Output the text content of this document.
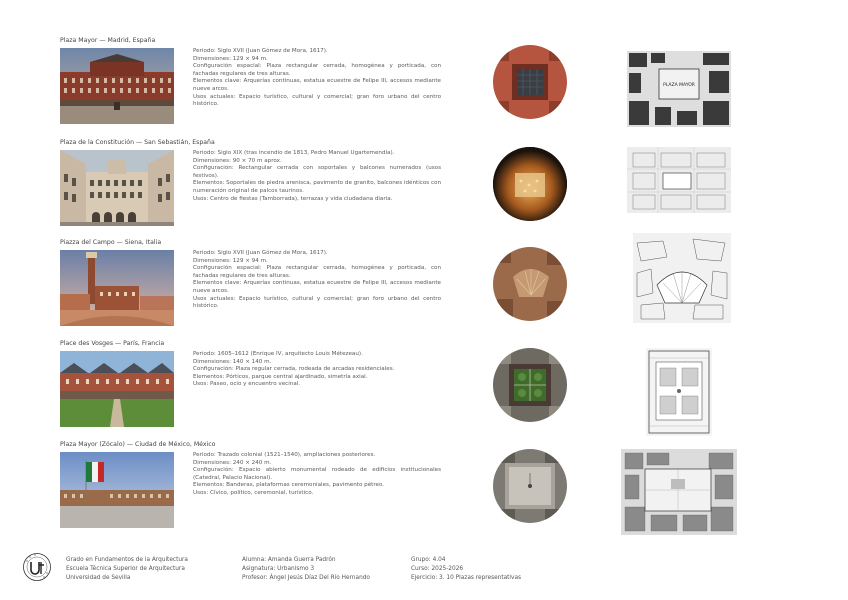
Plaza Mayor — Madrid, España
Periodo: Siglo XVII (Juan Gómez de Mora, 1617).
Dimensiones: 129 × 94 m.
Configuración espacial: Plaza rectangular cerrada, homogénea y porticada, con fachadas regulares de tres alturas.
Elementos clave: Arquerías continuas, estatua ecuestre de Felipe III, accesos mediante nueve arcos.
Usos actuales: Espacio turístico, cultural y comercial; gran foro urbano del centro histórico.
PLAZA MAYOR
Plaza de la Constitución — San Sebastián, España
Periodo: Siglo XIX (tras incendio de 1813, Pedro Manuel Ugartemendía).
Dimensiones: 90 × 70 m aprox.
Configuración: Rectangular cerrada con soportales y balcones numerados (usos festivos).
Elementos: Soportales de piedra arenisca, pavimento de granito, balcones idénticos con numeración original de palcos taurinos.
Usos: Centro de fiestas (Tamborrada), terrazas y vida ciudadana diaria.
Piazza del Campo — Siena, Italia
Periodo: Siglo XVII (Juan Gómez de Mora, 1617).
Dimensiones: 129 × 94 m.
Configuración espacial: Plaza rectangular cerrada, homogénea y porticada, con fachadas regulares de tres alturas.
Elementos clave: Arquerías continuas, estatua ecuestre de Felipe III, accesos mediante nueve arcos.
Usos actuales: Espacio turístico, cultural y comercial; gran foro urbano del centro histórico.
Place des Vosges — París, Francia
Periodo: 1605–1612 (Enrique IV, arquitecto Louis Métezeau).
Dimensiones: 140 × 140 m.
Configuración: Plaza regular cerrada, rodeada de arcadas residenciales.
Elementos: Pórticos, parque central ajardinado, simetría axial.
Usos: Paseo, ocio y encuentro vecinal.
Plaza Mayor (Zócalo) — Ciudad de México, México
Periodo: Trazado colonial (1521–1540), ampliaciones posteriores.
Dimensiones: 240 × 240 m.
Configuración: Espacio abierto monumental rodeado de edificios institucionales (Catedral, Palacio Nacional).
Elementos: Banderas, plataformas ceremoniales, pavimento pétreo.
Usos: Cívico, político, ceremonial, turístico.
Grado en Fundamentos de la Arquitectura
Escuela Técnica Superior de Arquitectura
Universidad de Sevilla
Alumna: Amanda Guerra Padrón
Asignatura: Urbanismo 3
Profesor: Ángel Jesús Díaz Del Río Hernando
Grupo: 4.04
Curso: 2025-2026
Ejercicio: 3. 10 Plazas representativas
